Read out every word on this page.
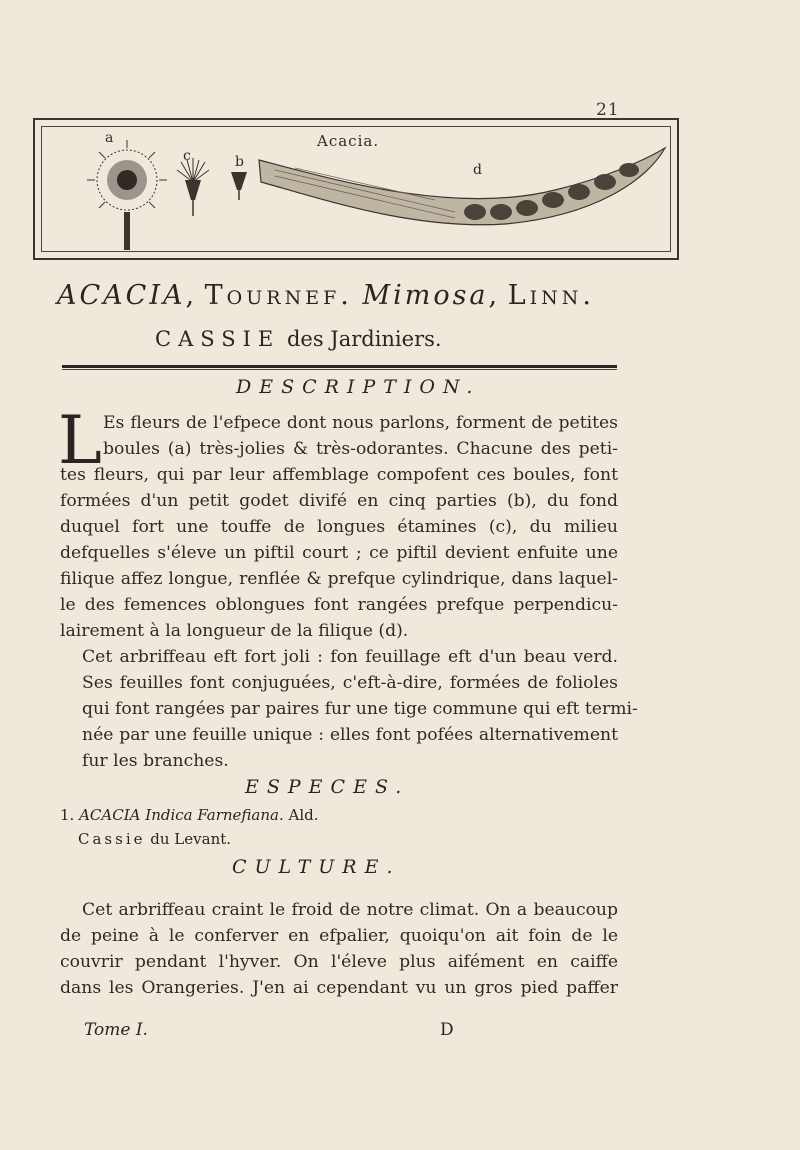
21
Acacia.
a
c	b	d
ACACIA, Tournef. Mimosa, Linn.
CASSIE des Jardiniers.
DESCRIPTION.
L Es fleurs de l'efpece dont nous parlons, forment de petites
boules (a) très-jolies & très-odorantes. Chacune des peti-
tes fleurs, qui par leur affemblage compofent ces boules, font
formées d'un petit godet divifé en cinq parties (b), du fond
duquel fort une touffe de longues étamines (c), du milieu
defquelles s'éleve un piftil court ; ce piftil devient enfuite une
filique affez longue, renflée & prefque cylindrique, dans laquel-
le des femences oblongues font rangées prefque perpendicu-
lairement à la longueur de la filique (d).
Cet arbriffeau eft fort joli : fon feuillage eft d'un beau verd.
Ses feuilles font conjuguées, c'eft-à-dire, formées de folioles
qui font rangées par paires fur une tige commune qui eft termi-
née par une feuille unique : elles font pofées alternativement
fur les branches.
ESPECES.
1. ACACIA Indica Farnefiana. Ald.
Cassie du Levant.
CULTURE.
Cet arbriffeau craint le froid de notre climat. On a beaucoup
de peine à le conferver en efpalier, quoiqu'on ait foin de le
couvrir pendant l'hyver. On l'éleve plus aifément en caiffe
dans les Orangeries. J'en ai cependant vu un gros pied paffer
Tome I.	D
